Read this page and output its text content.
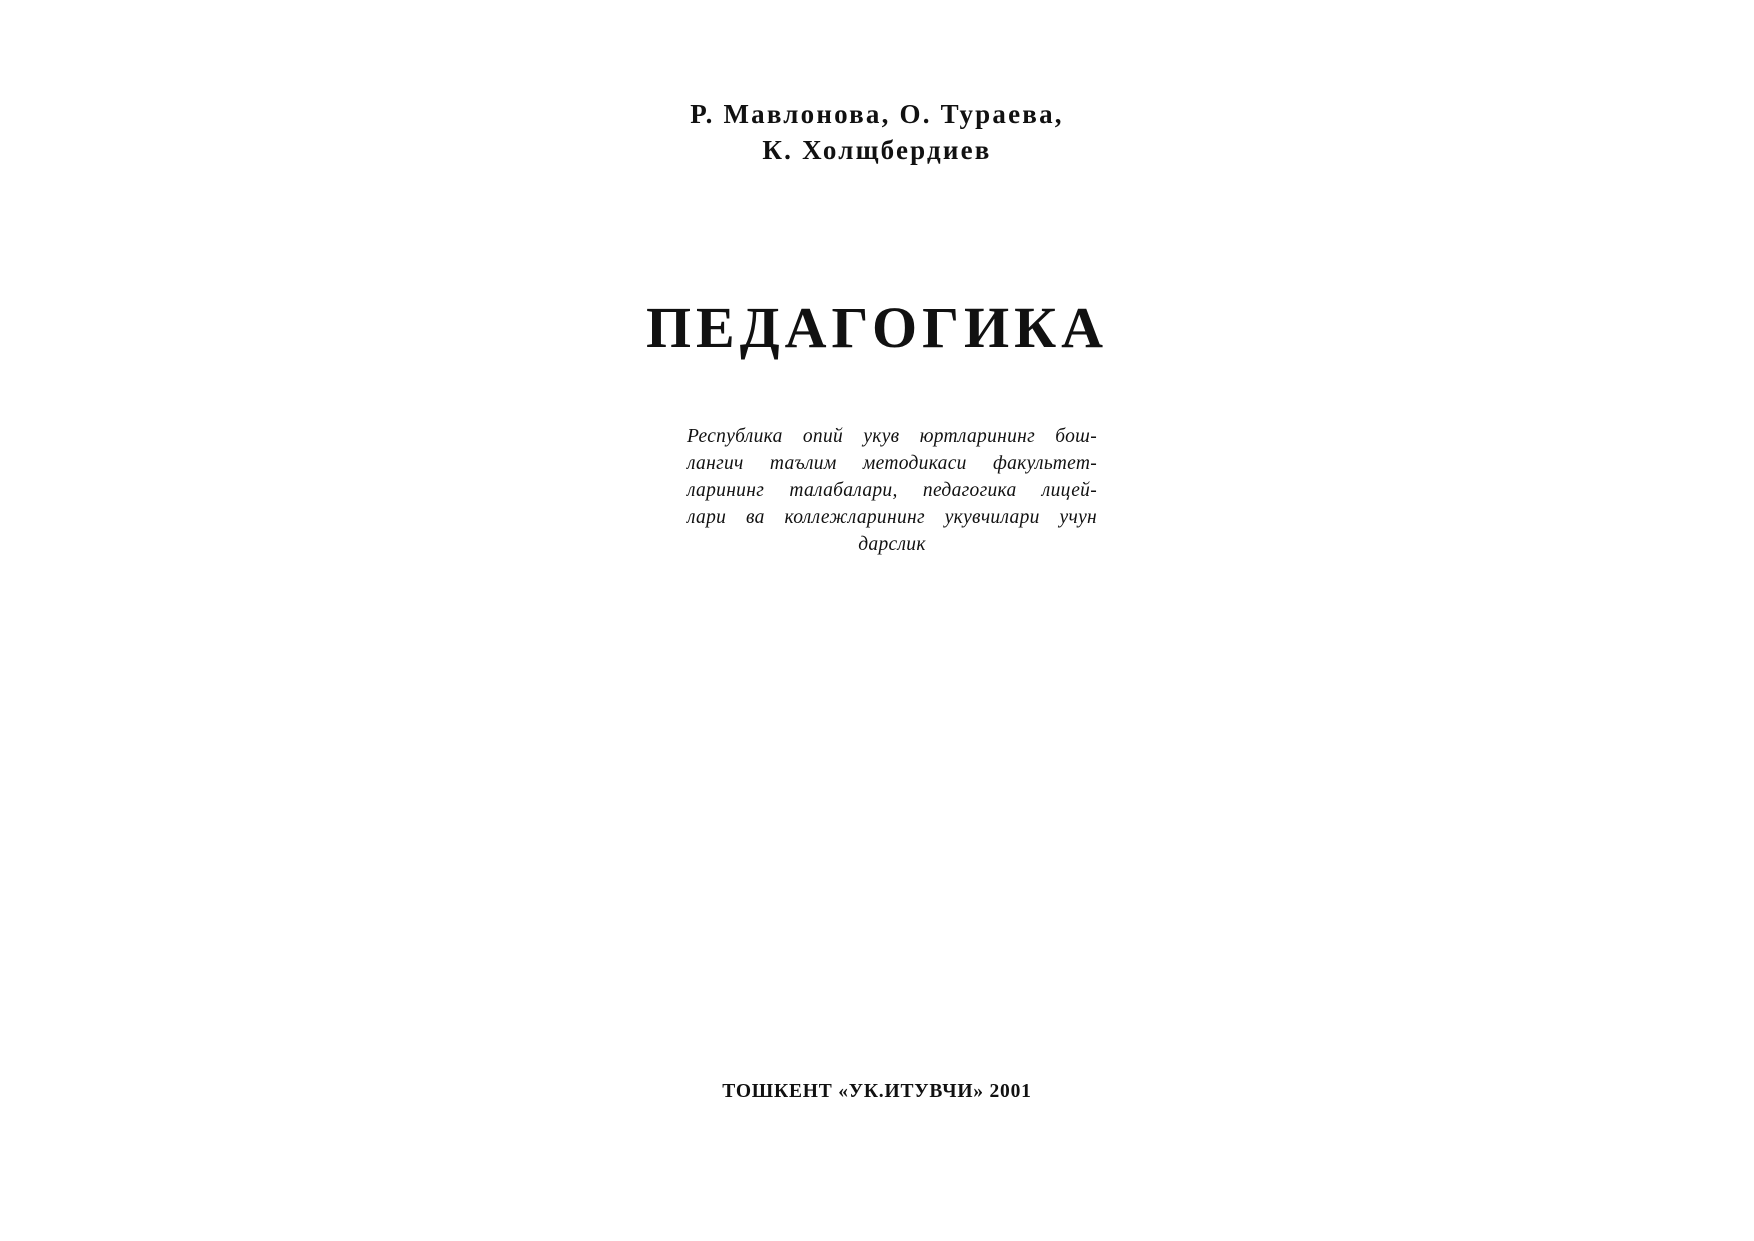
Р. Мавлонова, О. Тураева,
К. Холщбердиев
ПЕДАГОГИКА
Республика опий укув юртларининг бош-
лангич таълим методикаси факультет-
ларининг талабалари, педагогика лицей-
лари ва коллежларининг укувчилари учун
дарслик
ТОШКЕНТ «УК.ИТУВЧИ» 2001
